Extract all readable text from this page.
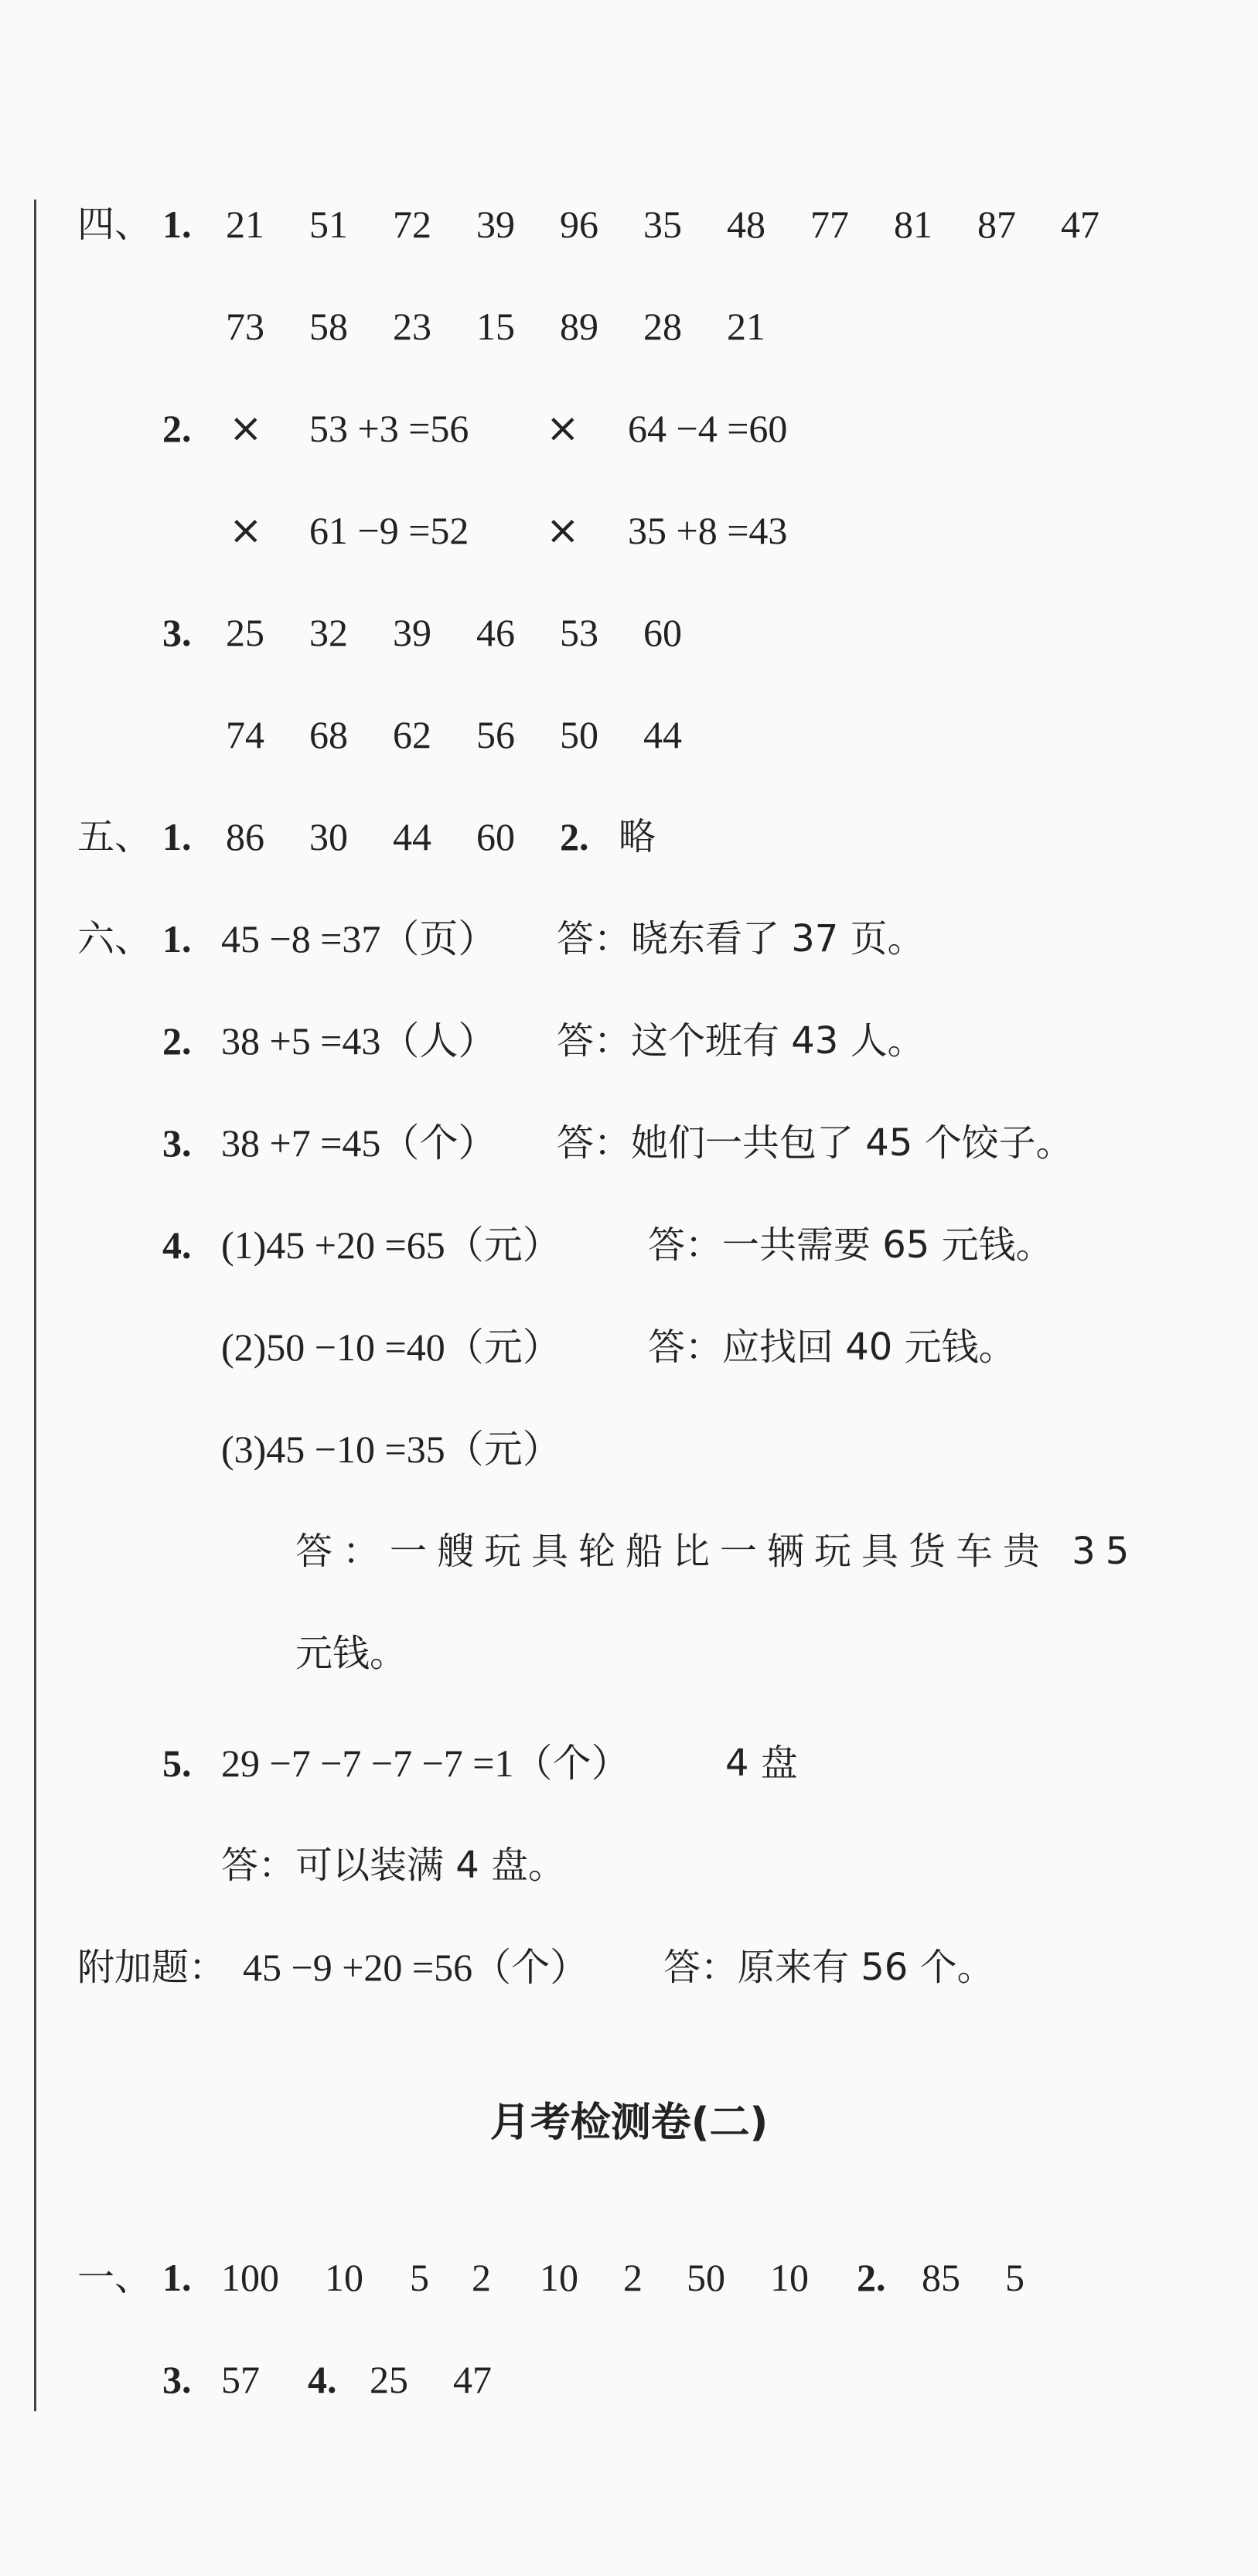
四、 1. 21 51 72 39 96 35 48 77 81 87 47
73 58 23 15 89 28 21
2. × 53 +3 =56 × 64 −4 =60
× 61 −9 =52 × 35 +8 =43
3. 25 32 39 46 53 60
74 68 62 56 50 44
五、 1. 86 30 44 60 2. 略
六、 1. 45 −8 =37（页） 答：晓东看了 37 页。
2. 38 +5 =43（人） 答：这个班有 43 人。
3. 38 +7 =45（个） 答：她们一共包了 45 个饺子。
4. (1)45 +20 =65（元） 答：一共需要 65 元钱。
(2)50 −10 =40（元） 答：应找回 40 元钱。
(3)45 −10 =35（元）
答：一艘玩具轮船比一辆玩具货车贵 35
元钱。
5. 29 −7 −7 −7 −7 =1（个）	4 盘
答：可以装满 4 盘。
附加题： 45 −9 +20 =56（个） 答：原来有 56 个。
月考检测卷(二)
一、 1. 100 10 5 2 10 2 50 10 2. 85 5
3. 57 4. 25 47
